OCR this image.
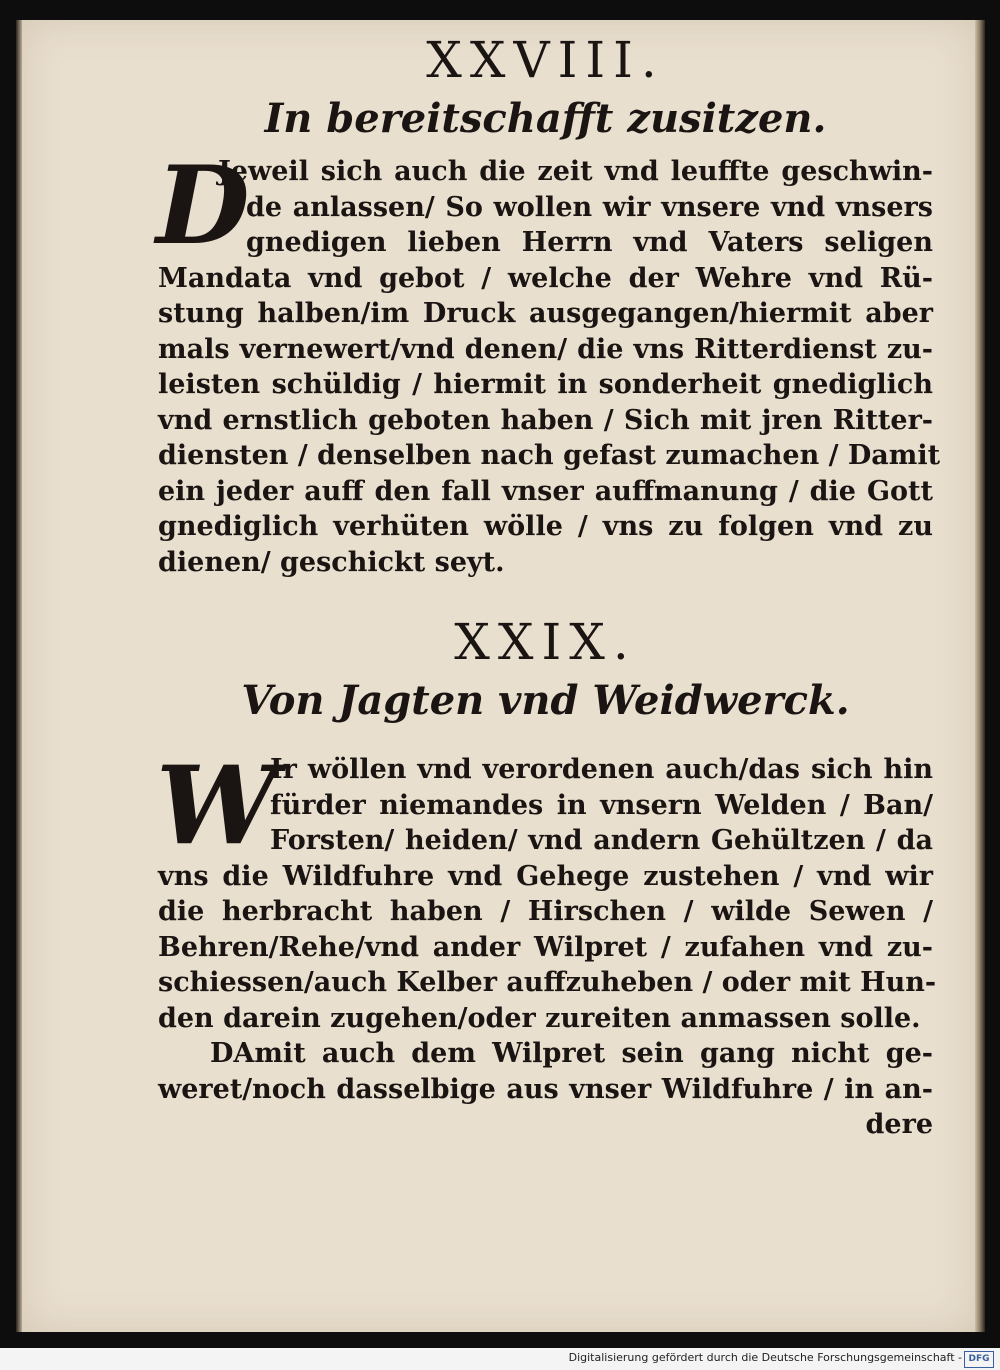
XXVIII.
In bereitschafft zusitzen.
D
Jeweil sich auch die zeit vnd leuffte geschwin-
de anlassen/ So wollen wir vnsere vnd vnsers
gnedigen lieben Herrn vnd Vaters seligen
Mandata vnd gebot / welche der Wehre vnd Rü-
stung halben/im Druck ausgegangen/hiermit aber
mals vernewert/vnd denen/ die vns Ritterdienst zu-
leisten schüldig / hiermit in sonderheit gnediglich
vnd ernstlich geboten haben / Sich mit jren Ritter-
diensten / denselben nach gefast zumachen / Damit
ein jeder auff den fall vnser auffmanung / die Gott
gnediglich verhüten wölle / vns zu folgen vnd zu
dienen/ geschickt seyt.
XXIX.
Von Jagten vnd Weidwerck.
W
Ir wöllen vnd verordenen auch/das sich hin
fürder niemandes in vnsern Welden / Ban/
Forsten/ heiden/ vnd andern Gehültzen / da
vns die Wildfuhre vnd Gehege zustehen / vnd wir
die herbracht haben / Hirschen / wilde Sewen /
Behren/Rehe/vnd ander Wilpret / zufahen vnd zu-
schiessen/auch Kelber auffzuheben / oder mit Hun-
den darein zugehen/oder zureiten anmassen solle.
DAmit auch dem Wilpret sein gang nicht ge-
weret/noch dasselbige aus vnser Wildfuhre / in an-
dere
Digitalisierung gefördert durch die Deutsche Forschungsgemeinschaft - DFG
